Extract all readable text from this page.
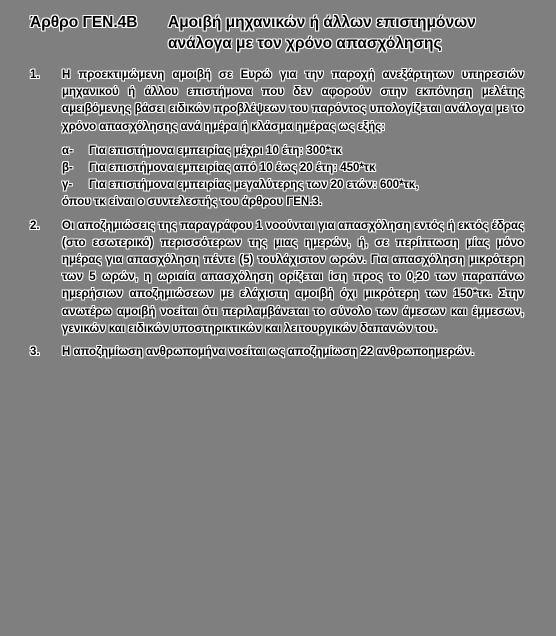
Άρθρο ΓΕΝ.4Β Αμοιβή μηχανικών ή άλλων επιστημόνων ανάλογα με τον χρόνο απασχόλησης
1. Η προεκτιμώμενη αμοιβή σε Ευρώ για την παροχή ανεξάρτητων υπηρεσιών μηχανικού ή άλλου επιστήμονα που δεν αφορούν στην εκπόνηση μελέτης αμειβόμενης βάσει ειδικών προβλέψεων του παρόντος υπολογίζεται ανάλογα με το χρόνο απασχόλησης ανά ημέρα ή κλάσμα ημέρας ως εξής:
α- Για επιστήμονα εμπειρίας μέχρι 10 έτη: 300*τκ
β- Για επιστήμονα εμπειρίας από 10 έως 20 έτη: 450*τκ
γ- Για επιστήμονα εμπειρίας μεγαλύτερης των 20 ετών: 600*τκ,
όπου τκ είναι ο συντελεστής του άρθρου ΓΕΝ.3.
2. Οι αποζημιώσεις της παραγράφου 1 νοούνται για απασχόληση εντός ή εκτός έδρας (στο εσωτερικό) περισσότερων της μιας ημερών, ή, σε περίπτωση μίας μόνο ημέρας για απασχόληση πέντε (5) τουλάχιστον ωρών. Για απασχόληση μικρότερη των 5 ωρών, η ωριαία απασχόληση ορίζεται ίση προς το 0,20 των παραπάνω ημερήσιων αποζημιώσεων με ελάχιστη αμοιβή όχι μικρότερη των 150*τκ. Στην ανωτέρω αμοιβή νοείται ότι περιλαμβάνεται το σύνολο των άμεσων και έμμεσων, γενικών και ειδικών υποστηρικτικών και λειτουργικών δαπανών του.
3. Η αποζημίωση ανθρωπομήνα νοείται ως αποζημίωση 22 ανθρωποημερών.
